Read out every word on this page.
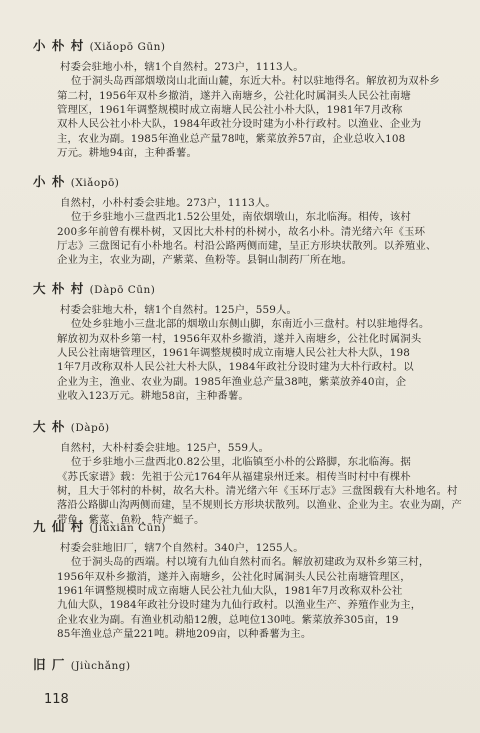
小 朴 村 (Xiǎopō Gūn)
村委会驻地小朴，辖1个自然村。273户，1113人。
位于洞头岛西部烟墩岗山北面山麓，东近大朴。村以驻地得名。解放初为双朴乡
第二村，1956年双朴乡撤消，遂并入南塘乡，公社化时属洞头人民公社南塘
管理区，1961年调整规模时成立南塘人民公社小朴大队，1981年7月改称
双朴人民公社小朴大队，1984年政社分设时建为小朴行政村。以渔业、企业为
主，农业为副。1985年渔业总产量78吨，紫菜放养57亩，企业总收入108
万元。耕地94亩，主种番薯。
小 朴 (Xiǎopō)
自然村，小朴村委会驻地。273户，1113人。
位于乡驻地小三盘西北1.52公里处，南依烟墩山，东北临海。相传，该村
200多年前曾有棵朴树，又因比大朴村的朴树小，故名小朴。清光绪六年《玉环
厅志》三盘图记有小朴地名。村沿公路两侧而建，呈正方形块状散列。以养殖业、
企业为主，农业为副，产紫菜、鱼粉等。县铜山制药厂所在地。
大 朴 村 (Dàpō Cūn)
村委会驻地大朴，辖1个自然村。125户，559人。
位处乡驻地小三盘北部的烟墩山东侧山脚，东南近小三盘村。村以驻地得名。
解放初为双朴乡第一村，1956年双朴乡撤消，遂并入南塘乡，公社化时属洞头
人民公社南塘管理区，1961年调整规模时成立南塘人民公社大朴大队，198
1年7月改称双朴人民公社大朴大队，1984年政社分设时建为大朴行政村。以
企业为主，渔业、农业为副。1985年渔业总产量38吨，紫菜放养40亩，企
业收入123万元。耕地58亩，主种番薯。
大 朴 (Dàpō)
自然村，大朴村委会驻地。125户，559人。
位于乡驻地小三盘西北0.82公里，北临镇至小朴的公路脚，东北临海。据
《苏氏家谱》载：先祖于公元1764年从福建泉州迁来。相传当时村中有棵朴
树，且大于邻村的朴树，故名大朴。清光绪六年《玉环厅志》三盘图载有大朴地名。村
落沿公路脚山沟两侧而建，呈不规则长方形块状散列。以渔业、企业为主。农业为副，产
带鱼、紫菜、鱼粉，特产蜓子。
九 仙 村 (Jiǔxiān Cūn)
村委会驻地旧厂，辖7个自然村。340户，1255人。
位于洞头岛的西端。村以境有九仙自然村而名。解放初建政为双朴乡第三村，
1956年双朴乡撤消，遂并入南塘乡，公社化时属洞头人民公社南塘管理区，
1961年调整规模时成立南塘人民公社九仙大队，1981年7月改称双朴公社
九仙大队，1984年政社分设时建为九仙行政村。以渔业生产、养殖作业为主，
企业农业为副。有渔业机动船12艘，总吨位130吨。紫菜放养305亩，19
85年渔业总产量221吨。耕地209亩，以种番薯为主。
旧 厂 (Jiùchǎng)
118
